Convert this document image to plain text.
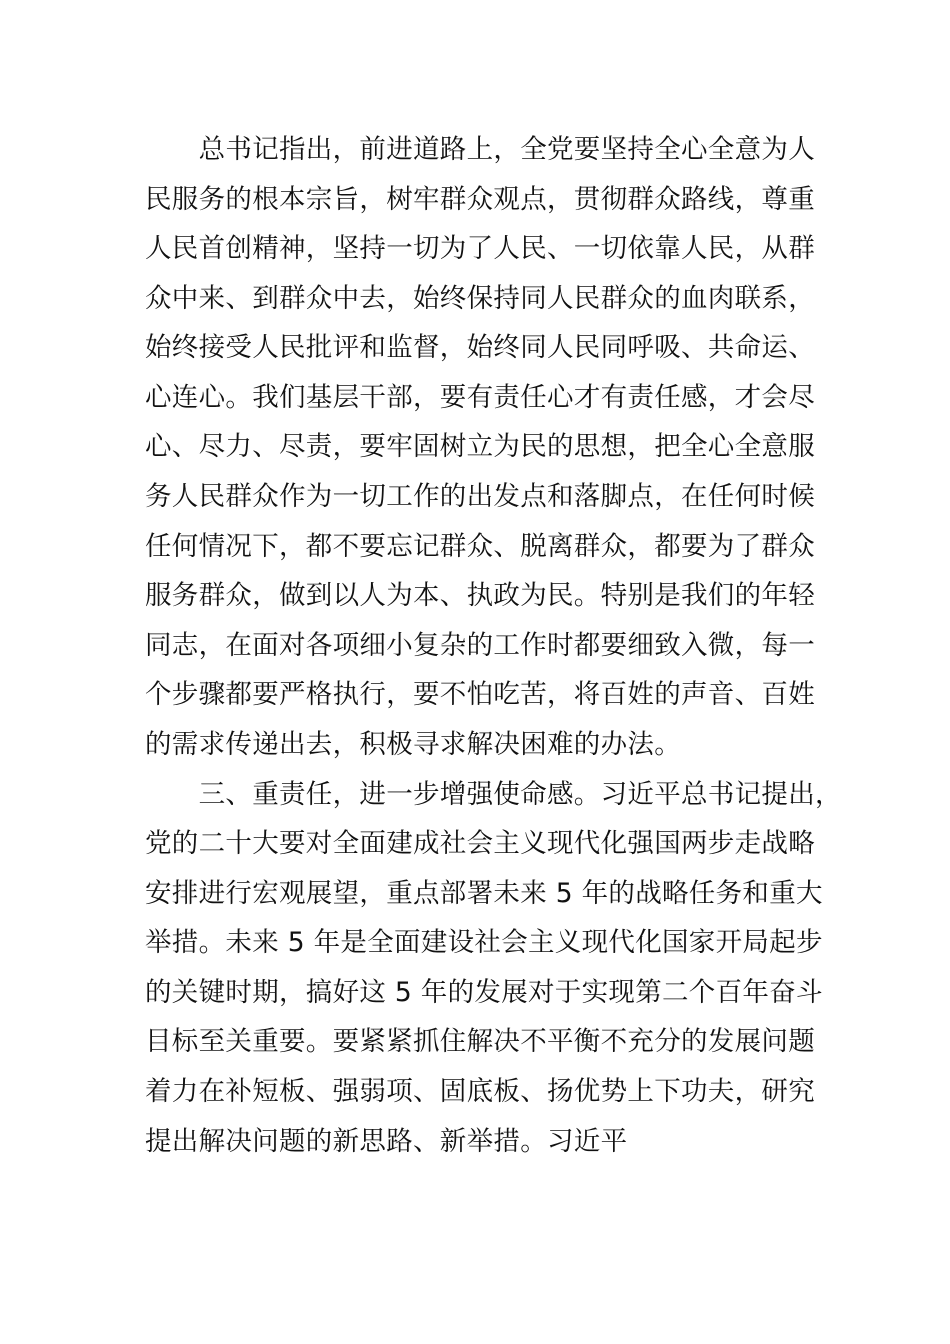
　　总书记指出，前进道路上，全党要坚持全心全意为人
民服务的根本宗旨，树牢群众观点，贯彻群众路线，尊重
人民首创精神，坚持一切为了人民、一切依靠人民，从群
众中来、到群众中去，始终保持同人民群众的血肉联系，
始终接受人民批评和监督，始终同人民同呼吸、共命运、
心连心。我们基层干部，要有责任心才有责任感，才会尽
心、尽力、尽责，要牢固树立为民的思想，把全心全意服
务人民群众作为一切工作的出发点和落脚点，在任何时候
任何情况下，都不要忘记群众、脱离群众，都要为了群众
服务群众，做到以人为本、执政为民。特别是我们的年轻
同志，在面对各项细小复杂的工作时都要细致入微，每一
个步骤都要严格执行，要不怕吃苦，将百姓的声音、百姓
的需求传递出去，积极寻求解决困难的办法。
　　三、重责任，进一步增强使命感。习近平总书记提出，
党的二十大要对全面建成社会主义现代化强国两步走战略
安排进行宏观展望，重点部署未来 5 年的战略任务和重大
举措。未来 5 年是全面建设社会主义现代化国家开局起步
的关键时期，搞好这 5 年的发展对于实现第二个百年奋斗
目标至关重要。要紧紧抓住解决不平衡不充分的发展问题
着力在补短板、强弱项、固底板、扬优势上下功夫，研究
提出解决问题的新思路、新举措。习近平
